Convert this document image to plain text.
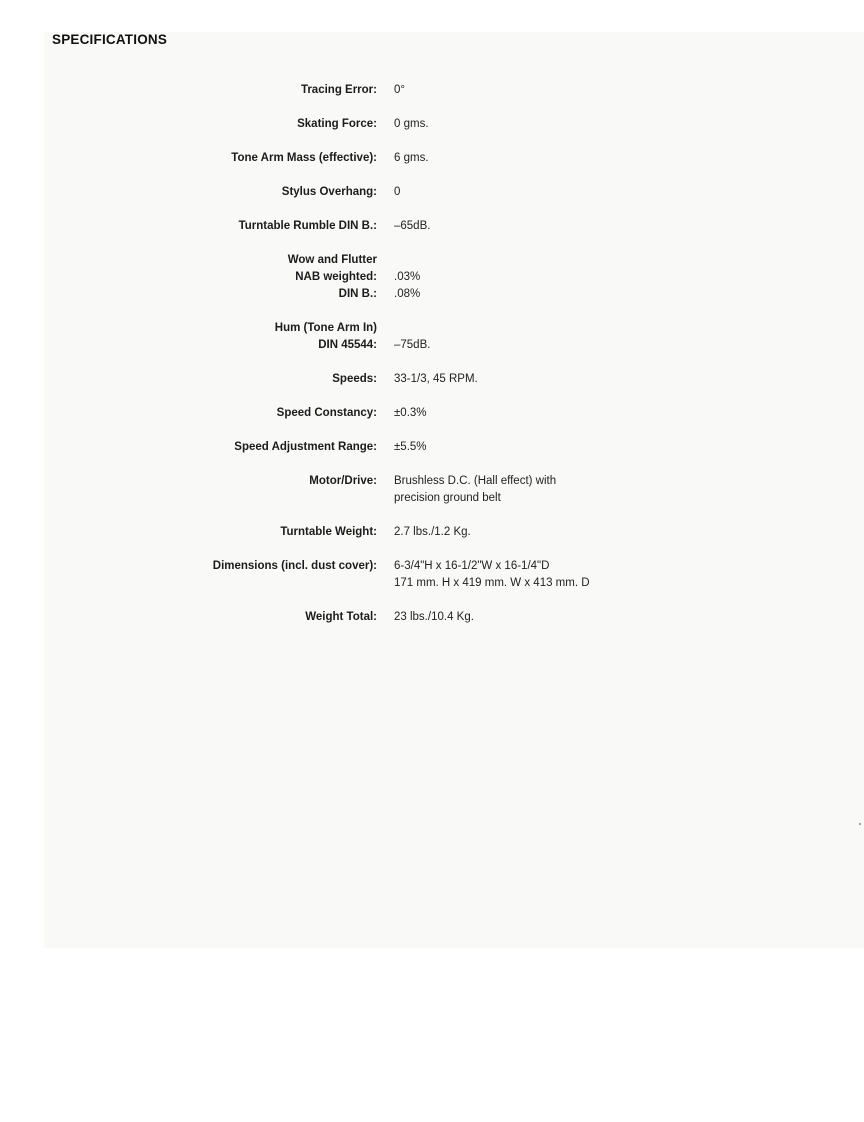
SPECIFICATIONS
Tracing Error: 0°
Skating Force: 0 gms.
Tone Arm Mass (effective): 6 gms.
Stylus Overhang: 0
Turntable Rumble DIN B.: –65dB.
Wow and Flutter
NAB weighted:
DIN B.:

.03%
.08%
Hum (Tone Arm In)
DIN 45544:
–75dB.
Speeds: 33-1/3, 45 RPM.
Speed Constancy: ±0.3%
Speed Adjustment Range: ±5.5%
Motor/Drive: Brushless D.C. (Hall effect) with
precision ground belt
Turntable Weight: 2.7 lbs./1.2 Kg.
Dimensions (incl. dust cover): 6-3/4"H x 16-1/2"W x 16-1/4"D
171 mm. H x 419 mm. W x 413 mm. D
Weight Total: 23 lbs./10.4 Kg.
